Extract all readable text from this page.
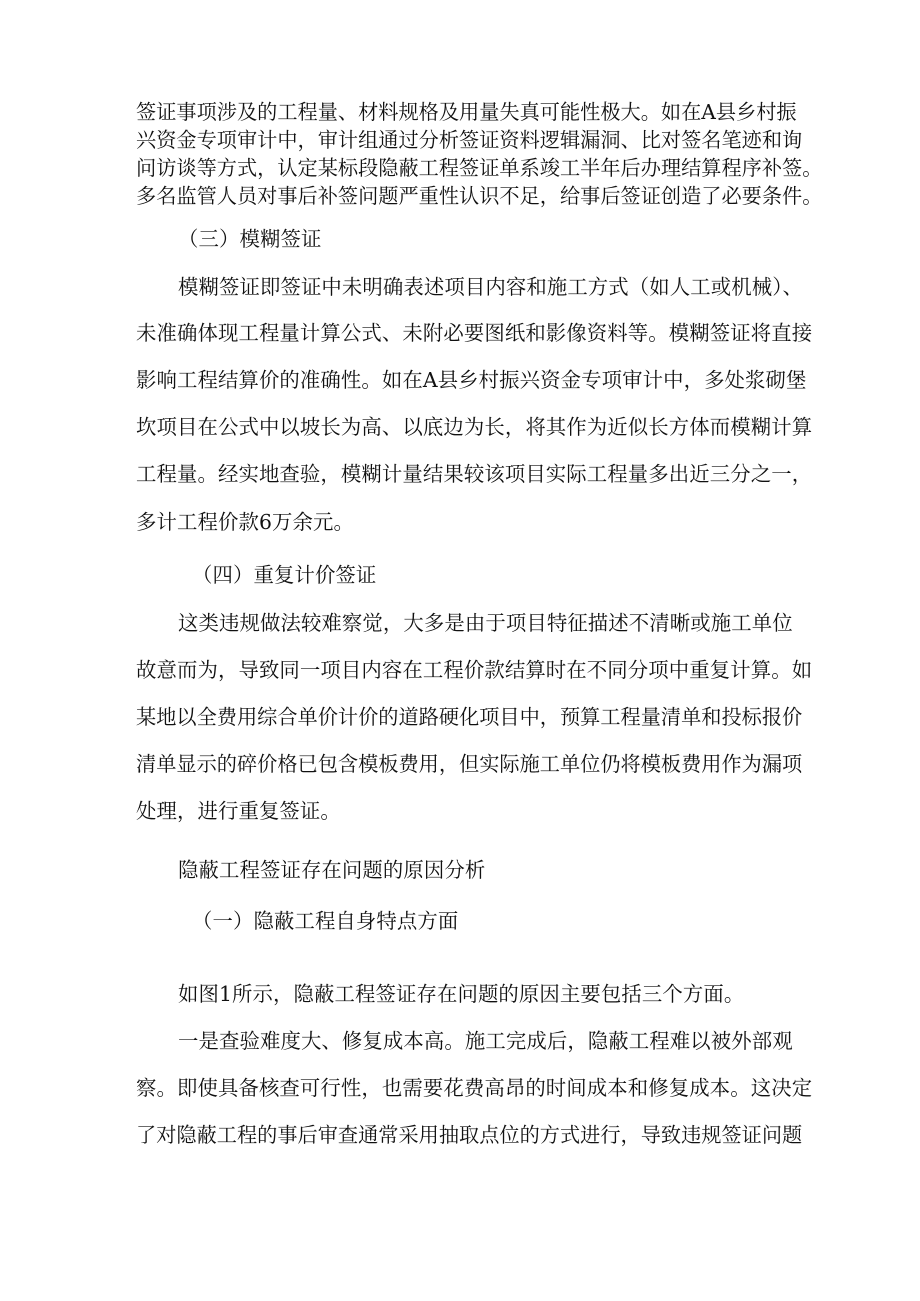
签证事项涉及的工程量、材料规格及用量失真可能性极大。如在A县乡村振
兴资金专项审计中，审计组通过分析签证资料逻辑漏洞、比对签名笔迹和询
问访谈等方式，认定某标段隐蔽工程签证单系竣工半年后办理结算程序补签。
多名监管人员对事后补签问题严重性认识不足，给事后签证创造了必要条件。
（三）模糊签证
模糊签证即签证中未明确表述项目内容和施工方式（如人工或机械）、
未准确体现工程量计算公式、未附必要图纸和影像资料等。模糊签证将直接
影响工程结算价的准确性。如在A县乡村振兴资金专项审计中，多处浆砌堡
坎项目在公式中以坡长为高、以底边为长，将其作为近似长方体而模糊计算
工程量。经实地查验，模糊计量结果较该项目实际工程量多出近三分之一，
多计工程价款6万余元。
（四）重复计价签证
这类违规做法较难察觉，大多是由于项目特征描述不清晰或施工单位
故意而为，导致同一项目内容在工程价款结算时在不同分项中重复计算。如
某地以全费用综合单价计价的道路硬化项目中，预算工程量清单和投标报价
清单显示的碎价格已包含模板费用，但实际施工单位仍将模板费用作为漏项
处理，进行重复签证。
隐蔽工程签证存在问题的原因分析
（一）隐蔽工程自身特点方面
如图1所示，隐蔽工程签证存在问题的原因主要包括三个方面。
一是查验难度大、修复成本高。施工完成后，隐蔽工程难以被外部观
察。即使具备核查可行性，也需要花费高昂的时间成本和修复成本。这决定
了对隐蔽工程的事后审查通常采用抽取点位的方式进行，导致违规签证问题
